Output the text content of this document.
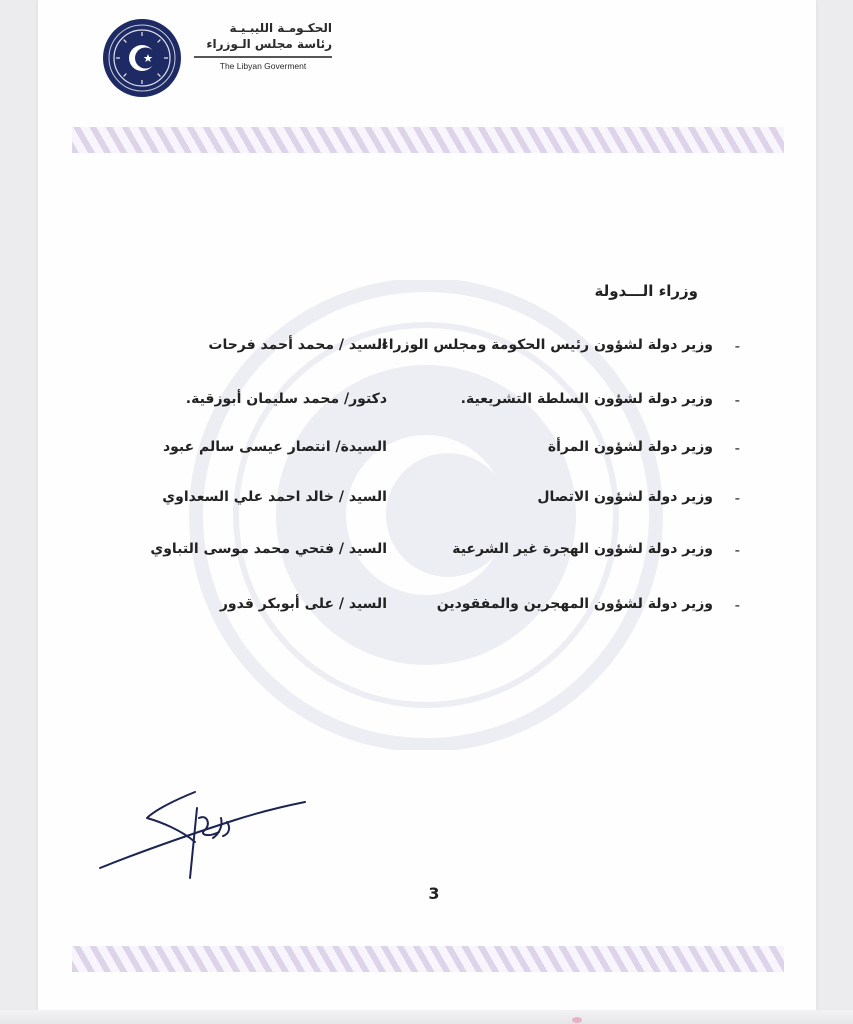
الحكـومـة الليبـيـة
رئاسة مجلس الـوزراء
The Libyan Goverment
وزراء الـــدولة
-
وزير دولة لشؤون رئيس الحكومة ومجلس الوزراء.
السيد / محمد أحمد فرحات
-
وزير دولة لشؤون السلطة التشريعية.
دكتور/ محمد سليمان أبوزقية.
-
وزير دولة لشؤون المرأة
السيدة/ انتصار عيسى سالم عبود
-
وزير دولة لشؤون الاتصال
السيد / خالد احمد علي السعداوي
-
وزير دولة لشؤون الهجرة غير الشرعية
السيد / فتحي محمد موسى التباوي
-
وزير دولة لشؤون المهجرين والمفقودين
السيد / على أبوبكر قدور
3
